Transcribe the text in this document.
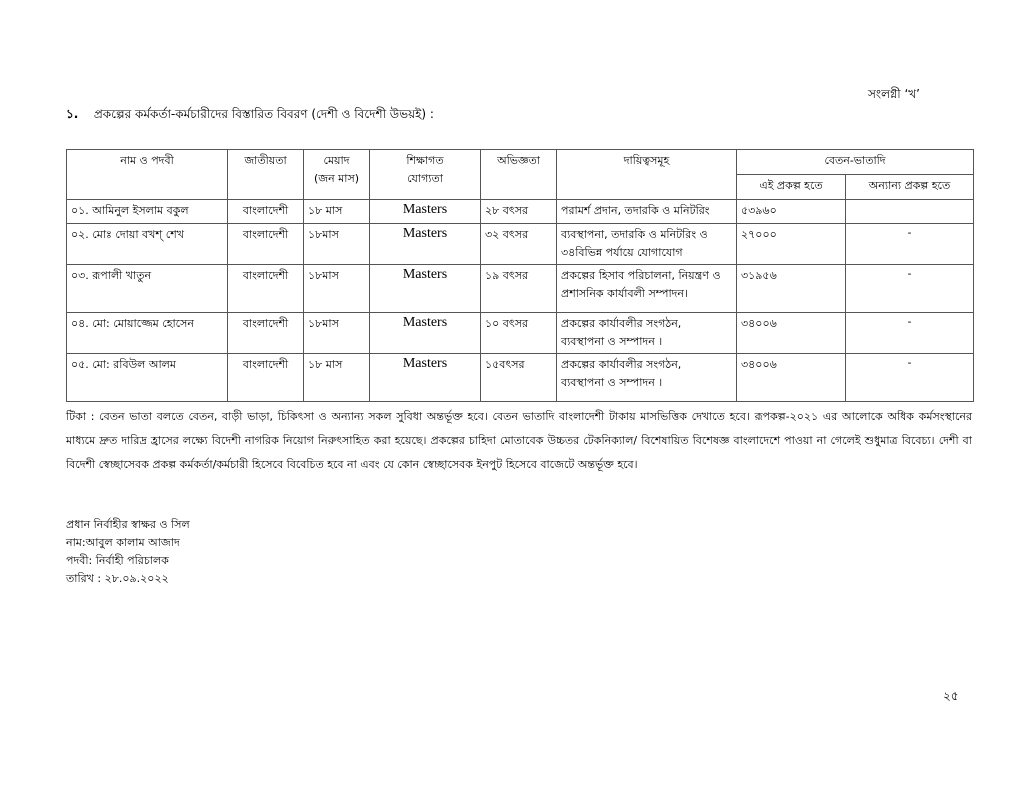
সংলগ্নী ‘খ’
১. প্রকল্পের কর্মকর্তা-কর্মচারীদের বিস্তারিত বিবরণ (দেশী ও বিদেশী উভয়ই) :
নাম ও পদবী	জাতীয়তা	মেয়াদ
(জন মাস)	শিক্ষাগত
যোগ্যতা	অভিজ্ঞতা	দায়িত্বসমূহ	বেতন-ভাতাদি	
						এই প্রকল্প হতে	অন্যান্য প্রকল্প হতে
০১. আমিনুল ইসলাম বকুল	বাংলাদেশী	১৮ মাস	Masters	২৮ বৎসর	পরামর্শ প্রদান, তদারকি ও মনিটরিং	৫৩৯৬০	
০২. মোঃ দোয়া বখশ্ শেখ	বাংলাদেশী	১৮মাস	Masters	৩২ বৎসর	ব্যবস্থাপনা, তদারকি ও মনিটরিং ও
৩৪বিভিন্ন পর্যায়ে যোগাযোগ	২৭০০০	-
০৩. রূপালী খাতুন	বাংলাদেশী	১৮মাস	Masters	১৯ বৎসর	প্রকল্পের হিসাব পরিচালনা, নিয়ন্ত্রণ ও
প্রশাসনিক কার্যাবলী সম্পাদন।	৩১৯৫৬	-
০৪. মো: মোয়াজ্জেম হোসেন	বাংলাদেশী	১৮মাস	Masters	১০ বৎসর	প্রকল্পের কার্যাবলীর সংগঠন,
ব্যবস্থাপনা ও সম্পাদন ।	৩৪০০৬	-
০৫. মো: রবিউল আলম	বাংলাদেশী	১৮ মাস	Masters	১৫বৎসর	প্রকল্পের কার্যাবলীর সংগঠন,
ব্যবস্থাপনা ও সম্পাদন ।	৩৪০০৬	-
টিকা : বেতন ভাতা বলতে বেতন, বাড়ী ভাড়া, চিকিৎসা ও অন্যান্য সকল সুবিধা অন্তর্ভূক্ত হবে। বেতন ভাতাদি বাংলাদেশী টাকায় মাসভিত্তিক দেখাতে হবে। রূপকল্প-২০২১ এর আলোকে অধিক কর্মসংস্থানের মাধ্যমে দ্রুত দারিদ্র হ্রাসের লক্ষ্যে বিদেশী নাগরিক নিয়োগ নিরুৎসাহিত করা হয়েছে। প্রকল্পের চাহিদা মোতাবেক উচ্চতর টেকনিক্যাল/ বিশেষায়িত বিশেষজ্ঞ বাংলাদেশে পাওয়া না গেলেই শুধুমাত্র বিবেচ্য। দেশী বা বিদেশী স্বেচ্ছাসেবক প্রকল্প কর্মকর্তা/কর্মচারী হিসেবে বিবেচিত হবে না এবং যে কোন স্বেচ্ছাসেবক ইনপুট হিসেবে বাজেটে অন্তর্ভূক্ত হবে।
প্রধান নির্বাহীর স্বাক্ষর ও সিল
নাম:আবুল কালাম আজাদ
পদবী: নির্বাহী পরিচালক
তারিখ : ২৮.০৯.২০২২
২৫
